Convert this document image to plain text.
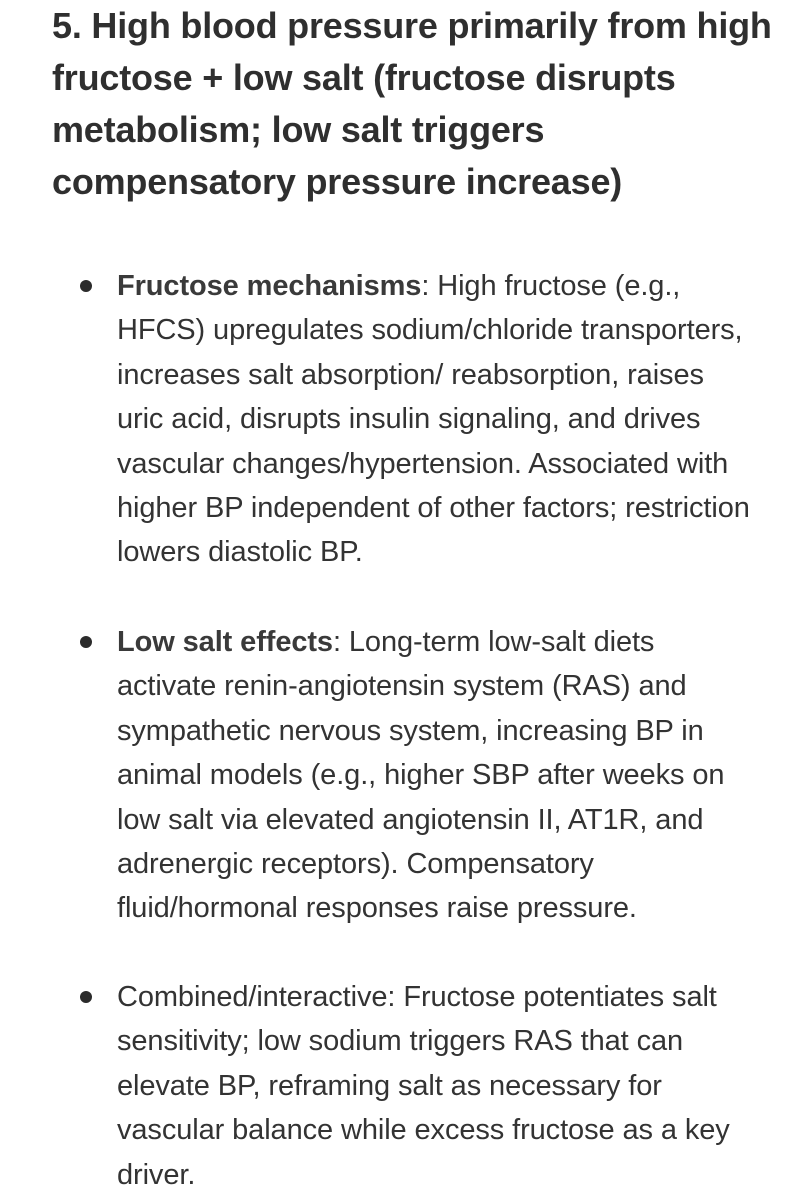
5. High blood pressure primarily from high fructose + low salt (fructose disrupts metabolism; low salt triggers compensatory pressure increase)
Fructose mechanisms: High fructose (e.g., HFCS) upregulates sodium/chloride transporters, increases salt absorption/ reabsorption, raises uric acid, disrupts insulin signaling, and drives vascular changes/hypertension. Associated with higher BP independent of other factors; restriction lowers diastolic BP.
Low salt effects: Long-term low-salt diets activate renin-angiotensin system (RAS) and sympathetic nervous system, increasing BP in animal models (e.g., higher SBP after weeks on low salt via elevated angiotensin II, AT1R, and adrenergic receptors). Compensatory fluid/hormonal responses raise pressure.
Combined/interactive: Fructose potentiates salt sensitivity; low sodium triggers RAS that can elevate BP, reframing salt as necessary for vascular balance while excess fructose as a key driver.
